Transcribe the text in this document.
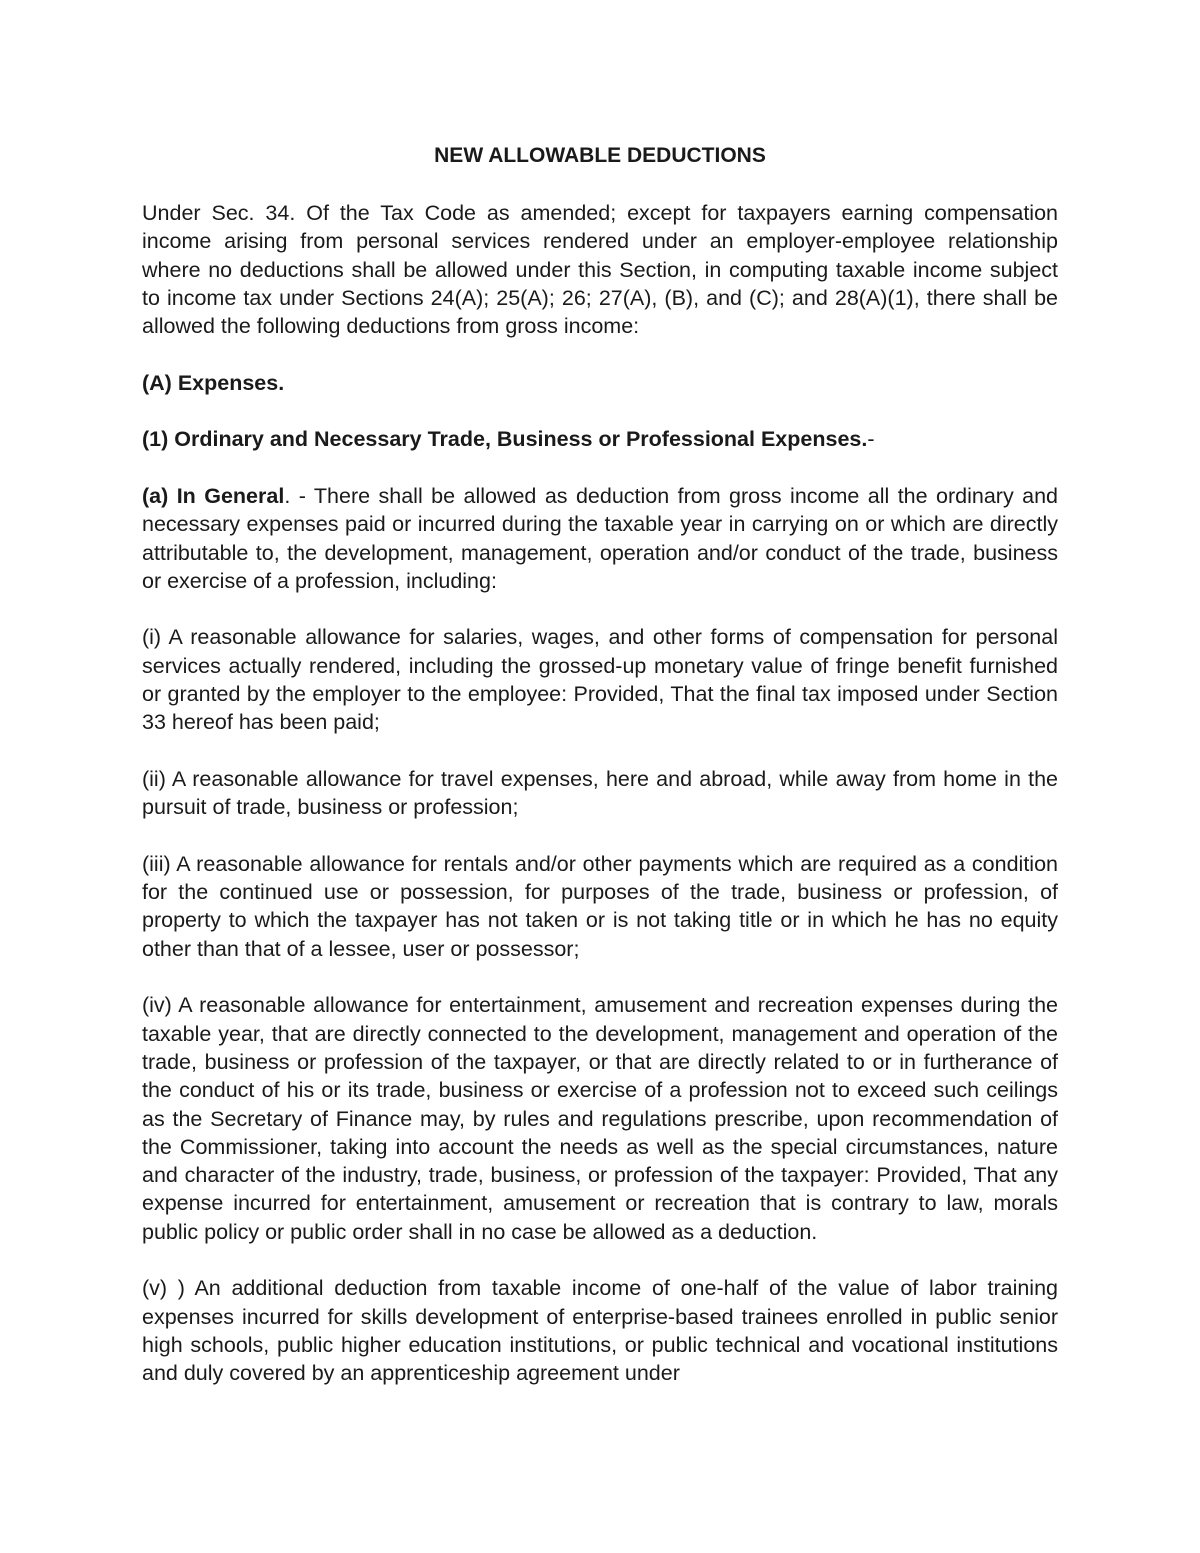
NEW ALLOWABLE DEDUCTIONS

Under Sec. 34. Of the Tax Code as amended; except for taxpayers earning compensation income arising from personal services rendered under an employer-employee relationship where no deductions shall be allowed under this Section, in computing taxable income subject to income tax under Sections 24(A); 25(A); 26; 27(A), (B), and (C); and 28(A)(1), there shall be allowed the following deductions from gross income:

(A) Expenses.

(1) Ordinary and Necessary Trade, Business or Professional Expenses.-

(a) In General. - There shall be allowed as deduction from gross income all the ordinary and necessary expenses paid or incurred during the taxable year in carrying on or which are directly attributable to, the development, management, operation and/or conduct of the trade, business or exercise of a profession, including:

(i) A reasonable allowance for salaries, wages, and other forms of compensation for personal services actually rendered, including the grossed-up monetary value of fringe benefit furnished or granted by the employer to the employee: Provided, That the final tax imposed under Section 33 hereof has been paid;

(ii) A reasonable allowance for travel expenses, here and abroad, while away from home in the pursuit of trade, business or profession;

(iii) A reasonable allowance for rentals and/or other payments which are required as a condition for the continued use or possession, for purposes of the trade, business or profession, of property to which the taxpayer has not taken or is not taking title or in which he has no equity other than that of a lessee, user or possessor;

(iv) A reasonable allowance for entertainment, amusement and recreation expenses during the taxable year, that are directly connected to the development, management and operation of the trade, business or profession of the taxpayer, or that are directly related to or in furtherance of the conduct of his or its trade, business or exercise of a profession not to exceed such ceilings as the Secretary of Finance may, by rules and regulations prescribe, upon recommendation of the Commissioner, taking into account the needs as well as the special circumstances, nature and character of the industry, trade, business, or profession of the taxpayer: Provided, That any expense incurred for entertainment, amusement or recreation that is contrary to law, morals public policy or public order shall in no case be allowed as a deduction.

(v) ) An additional deduction from taxable income of one-half of the value of labor training expenses incurred for skills development of enterprise-based trainees enrolled in public senior high schools, public higher education institutions, or public technical and vocational institutions and duly covered by an apprenticeship agreement under
